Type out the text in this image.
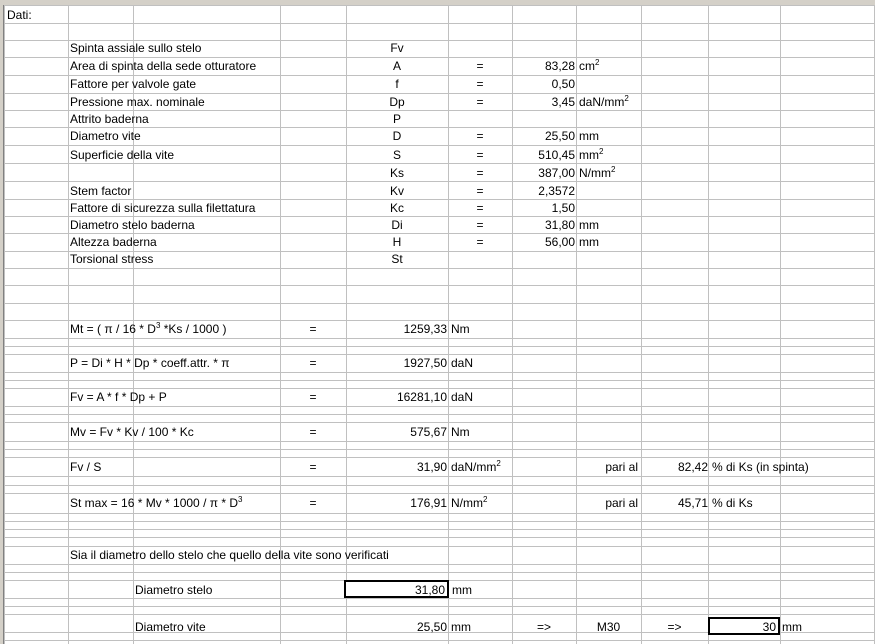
Dati:
Spinta assiale sullo stelo	Fv
Area di spinta della sede otturatore	A	=	83,28 $cm^2$
Fattore per valvole gate	f	=	0,50
Pressione max. nominale	Dp	=	3,45 daN/$mm^2$
Attrito baderna	P
Diametro vite	D	=	25,50 mm
Superficie della vite	S	=	510,45 $mm^2$
Ks	=	387,00 $N/mm^2$
Stem factor	Kv	=	2,3572
Fattore di sicurezza sulla filettatura	Kc	=	1,50
Diametro stelo baderna	Di	=	31,80 mm
Altezza baderna	H	=	56,00 mm
Torsional stress	St
Mt = ( π / $16 * D^3$ *Ks / 1000 )	=	1259,33 Nm
P = Di * H * Dp * coeff.attr. * π	=	1927,50 daN
Fv = A * f * Dp + P	=	16281,10 daN
Mv = Fv * Kv / 100 * Kc	=	575,67 Nm
Fv / S	=	31,90 daN/$mm^2$	pari al	82,42 % di Ks (in spinta)
St $\max = 16 * Mv * 1000 / \pi * D^3$	=	176,91 $N/mm^2$	pari al	45,71 % di Ks
Sia il diametro dello stelo che quello della vite sono verificati
Diametro stelo	31,80 mm
Diametro vite	25,50 mm	=>	M30	=>	30 mm
